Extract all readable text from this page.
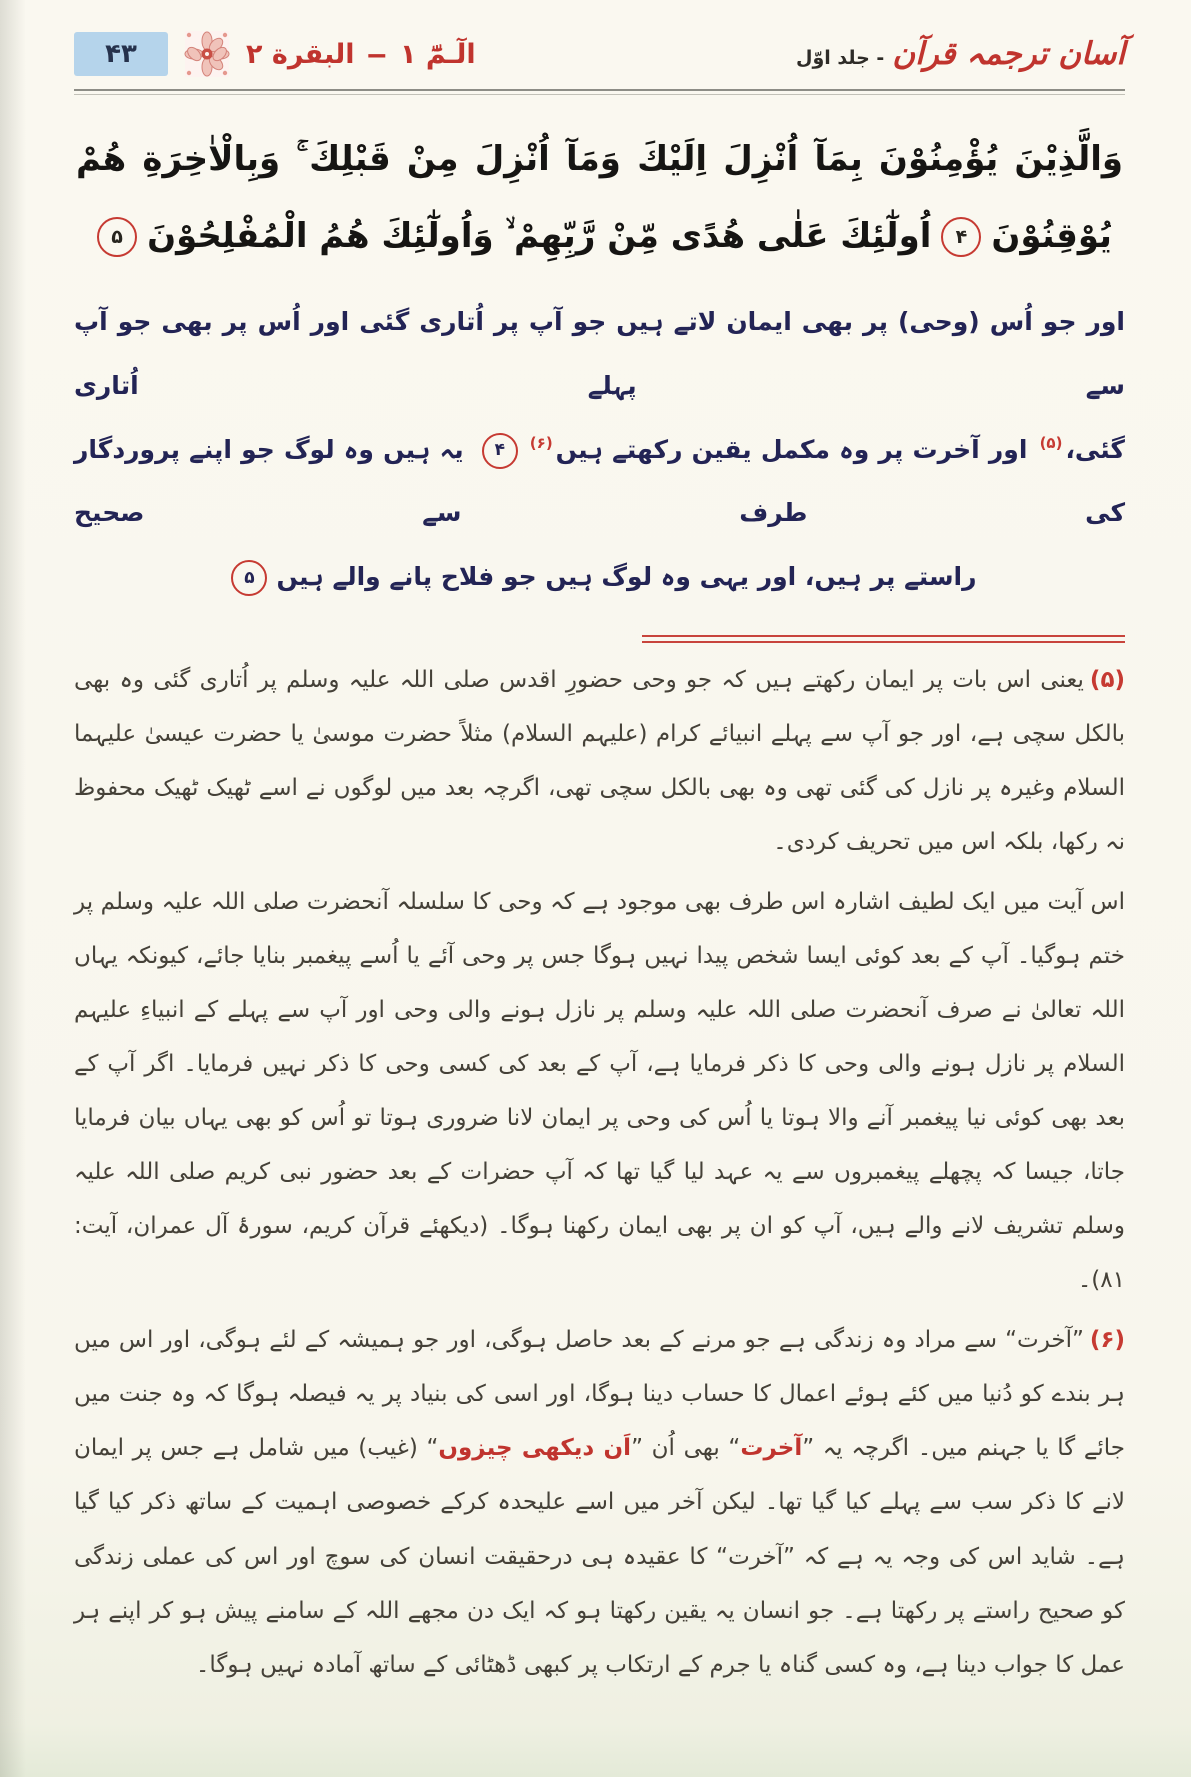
آسان ترجمہ قرآن
- جلد اوّل
الٓـمّٓ ١
–
البقرة ٢
۴۳
وَالَّذِيْنَ يُؤْمِنُوْنَ بِمَآ اُنْزِلَ اِلَيْكَ وَمَآ اُنْزِلَ مِنْ قَبْلِكَ ۚ وَبِالْاٰخِرَةِ هُمْ
يُوْقِنُوْنَ۴اُولٰٓئِكَ عَلٰى هُدًى مِّنْ رَّبِّهِمْ ۙ وَاُولٰٓئِكَ هُمُ الْمُفْلِحُوْنَ۵
اور جو اُس (وحی) پر بھی ایمان لاتے ہیں جو آپ پر اُتاری گئی اور اُس پر بھی جو آپ سے پہلے اُتاری
گئی،$^{(۵)}$ اور آخرت پر وہ مکمل یقین رکھتے ہیں$^{(۶)}$۴ یہ ہیں وہ لوگ جو اپنے پروردگار کی طرف سے صحیح
راستے پر ہیں، اور یہی وہ لوگ ہیں جو فلاح پانے والے ہیں۵

(۵)یعنی اس بات پر ایمان رکھتے ہیں کہ جو وحی حضورِ اقدس صلی اللہ علیہ وسلم پر اُتاری گئی وہ بھی بالکل سچی ہے، اور جو آپ سے پہلے انبیائے کرام (علیہم السلام) مثلاً حضرت موسیٰ یا حضرت عیسیٰ علیہما السلام وغیرہ پر نازل کی گئی تھی وہ بھی بالکل سچی تھی، اگرچہ بعد میں لوگوں نے اسے ٹھیک ٹھیک محفوظ نہ رکھا، بلکہ اس میں تحریف کردی۔

اس آیت میں ایک لطیف اشارہ اس طرف بھی موجود ہے کہ وحی کا سلسلہ آنحضرت صلی اللہ علیہ وسلم پر ختم ہوگیا۔ آپ کے بعد کوئی ایسا شخص پیدا نہیں ہوگا جس پر وحی آئے یا اُسے پیغمبر بنایا جائے، کیونکہ یہاں اللہ تعالیٰ نے صرف آنحضرت صلی اللہ علیہ وسلم پر نازل ہونے والی وحی اور آپ سے پہلے کے انبیاءِ علیہم السلام پر نازل ہونے والی وحی کا ذکر فرمایا ہے، آپ کے بعد کی کسی وحی کا ذکر نہیں فرمایا۔ اگر آپ کے بعد بھی کوئی نیا پیغمبر آنے والا ہوتا یا اُس کی وحی پر ایمان لانا ضروری ہوتا تو اُس کو بھی یہاں بیان فرمایا جاتا، جیسا کہ پچھلے پیغمبروں سے یہ عہد لیا گیا تھا کہ آپ حضرات کے بعد حضور نبی کریم صلی اللہ علیہ وسلم تشریف لانے والے ہیں، آپ کو ان پر بھی ایمان رکھنا ہوگا۔ (دیکھئے قرآن کریم، سورۂ آل عمران، آیت: ۸۱)۔

(۶)”آخرت“ سے مراد وہ زندگی ہے جو مرنے کے بعد حاصل ہوگی، اور جو ہمیشہ کے لئے ہوگی، اور اس میں ہر بندے کو دُنیا میں کئے ہوئے اعمال کا حساب دینا ہوگا، اور اسی کی بنیاد پر یہ فیصلہ ہوگا کہ وہ جنت میں جائے گا یا جہنم میں۔ اگرچہ یہ ”آخرت“ بھی اُن ”اَن دیکھی چیزوں“ (غیب) میں شامل ہے جس پر ایمان لانے کا ذکر سب سے پہلے کیا گیا تھا۔ لیکن آخر میں اسے علیحدہ کرکے خصوصی اہمیت کے ساتھ ذکر کیا گیا ہے۔ شاید اس کی وجہ یہ ہے کہ ”آخرت“ کا عقیدہ ہی درحقیقت انسان کی سوچ اور اس کی عملی زندگی کو صحیح راستے پر رکھتا ہے۔ جو انسان یہ یقین رکھتا ہو کہ ایک دن مجھے اللہ کے سامنے پیش ہو کر اپنے ہر عمل کا جواب دینا ہے، وہ کسی گناہ یا جرم کے ارتکاب پر کبھی ڈھٹائی کے ساتھ آمادہ نہیں ہوگا۔
